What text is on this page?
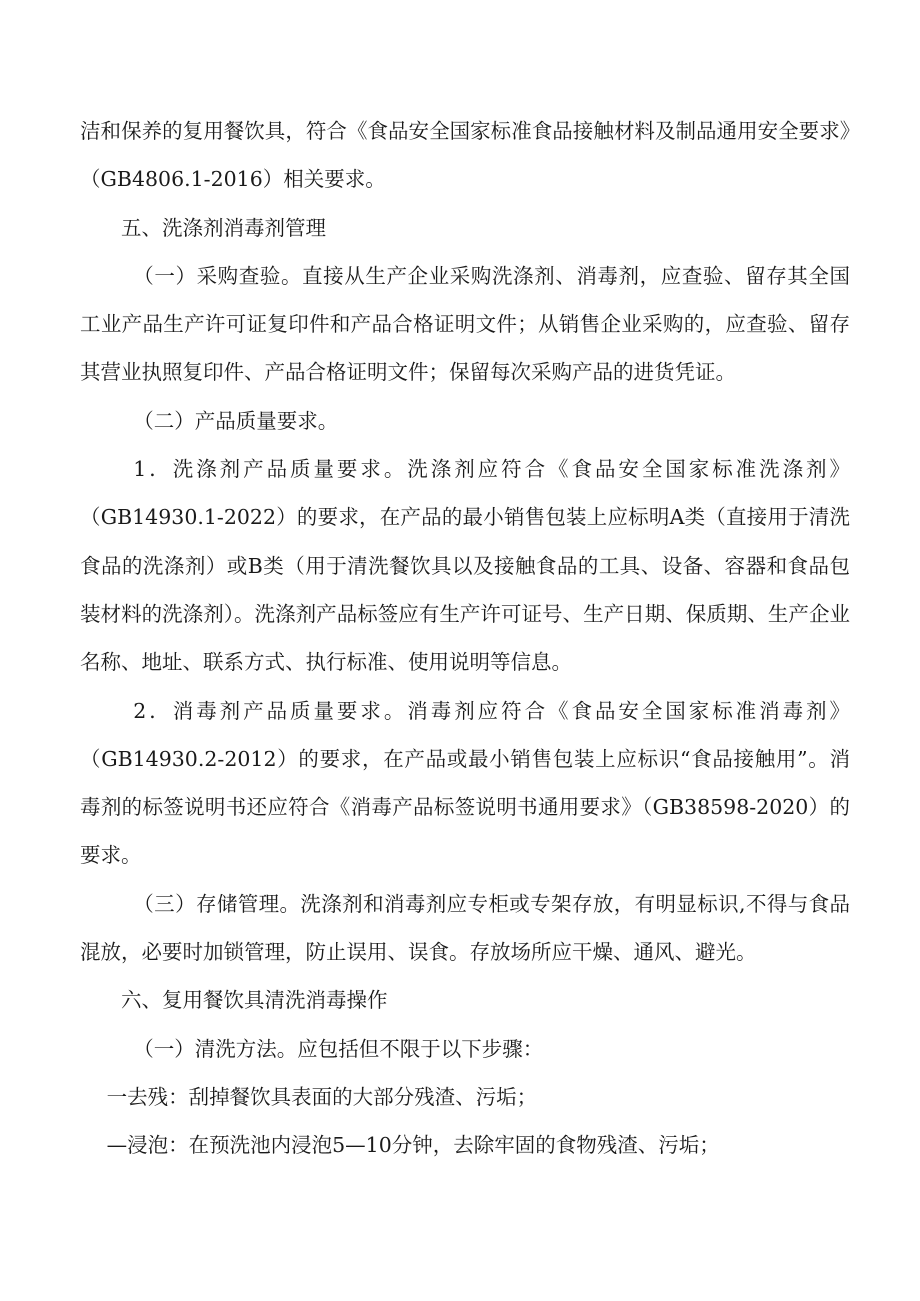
洁和保养的复用餐饮具，符合《食品安全国家标准食品接触材料及制品通用安全要求》（GB4806.1-2016）相关要求。

五、洗涤剂消毒剂管理

（一）采购查验。直接从生产企业采购洗涤剂、消毒剂，应查验、留存其全国工业产品生产许可证复印件和产品合格证明文件；从销售企业采购的，应查验、留存其营业执照复印件、产品合格证明文件；保留每次采购产品的进货凭证。

（二）产品质量要求。

1．洗涤剂产品质量要求。洗涤剂应符合《食品安全国家标准洗涤剂》（GB14930.1-2022）的要求，在产品的最小销售包装上应标明A类（直接用于清洗食品的洗涤剂）或B类（用于清洗餐饮具以及接触食品的工具、设备、容器和食品包装材料的洗涤剂）。洗涤剂产品标签应有生产许可证号、生产日期、保质期、生产企业名称、地址、联系方式、执行标准、使用说明等信息。

2．消毒剂产品质量要求。消毒剂应符合《食品安全国家标准消毒剂》（GB14930.2-2012）的要求，在产品或最小销售包装上应标识“食品接触用”。消毒剂的标签说明书还应符合《消毒产品标签说明书通用要求》（GB38598-2020）的要求。

（三）存储管理。洗涤剂和消毒剂应专柜或专架存放，有明显标识,不得与食品混放，必要时加锁管理，防止误用、误食。存放场所应干燥、通风、避光。

六、复用餐饮具清洗消毒操作

（一）清洗方法。应包括但不限于以下步骤：

一去残：刮掉餐饮具表面的大部分残渣、污垢；

—浸泡：在预洗池内浸泡5—10分钟，去除牢固的食物残渣、污垢；
